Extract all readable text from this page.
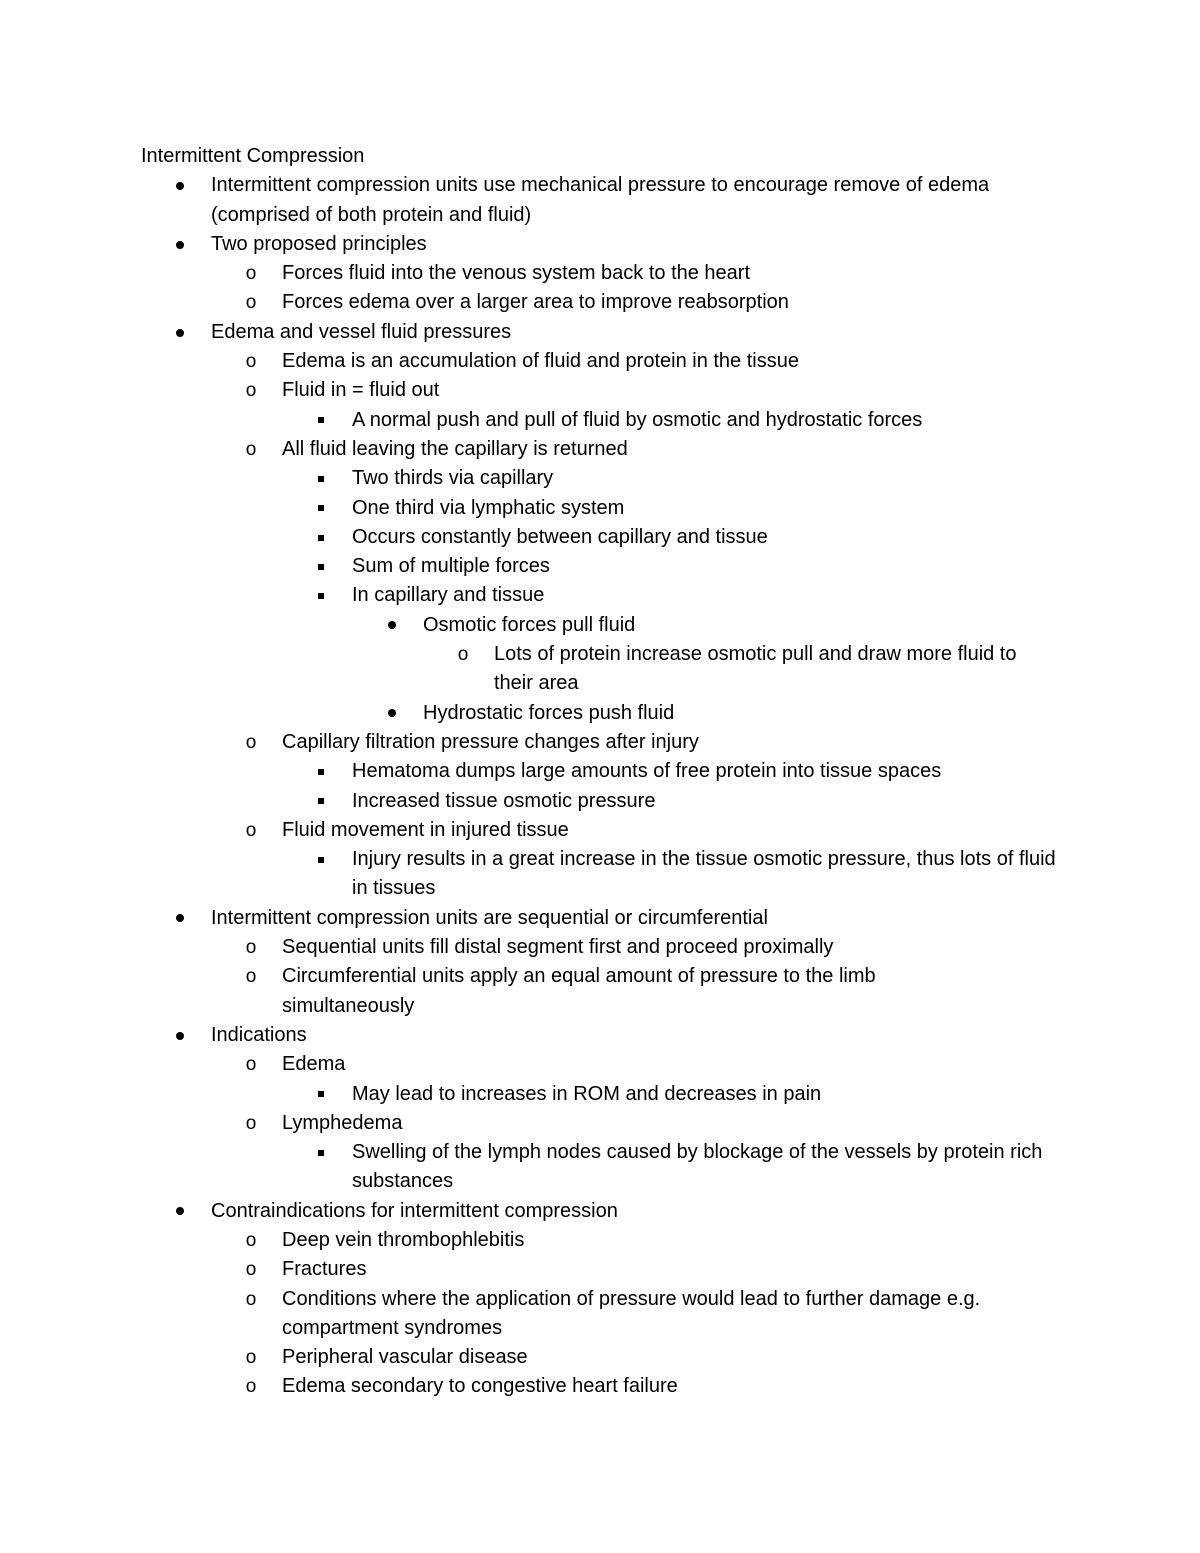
Intermittent Compression

Intermittent compression units use mechanical pressure to encourage remove of edema (comprised of both protein and fluid)
Two proposed principles
o Forces fluid into the venous system back to the heart
o Forces edema over a larger area to improve reabsorption
Edema and vessel fluid pressures
o Edema is an accumulation of fluid and protein in the tissue
o Fluid in = fluid out
A normal push and pull of fluid by osmotic and hydrostatic forces
o All fluid leaving the capillary is returned
Two thirds via capillary
One third via lymphatic system
Occurs constantly between capillary and tissue
Sum of multiple forces
In capillary and tissue
Osmotic forces pull fluid
o Lots of protein increase osmotic pull and draw more fluid to their area
Hydrostatic forces push fluid
o Capillary filtration pressure changes after injury
Hematoma dumps large amounts of free protein into tissue spaces
Increased tissue osmotic pressure
o Fluid movement in injured tissue
Injury results in a great increase in the tissue osmotic pressure, thus lots of fluid in tissues
Intermittent compression units are sequential or circumferential
o Sequential units fill distal segment first and proceed proximally
o Circumferential units apply an equal amount of pressure to the limb simultaneously
Indications
o Edema
May lead to increases in ROM and decreases in pain
o Lymphedema
Swelling of the lymph nodes caused by blockage of the vessels by protein rich substances
Contraindications for intermittent compression
o Deep vein thrombophlebitis
o Fractures
o Conditions where the application of pressure would lead to further damage e.g. compartment syndromes
o Peripheral vascular disease
o Edema secondary to congestive heart failure
